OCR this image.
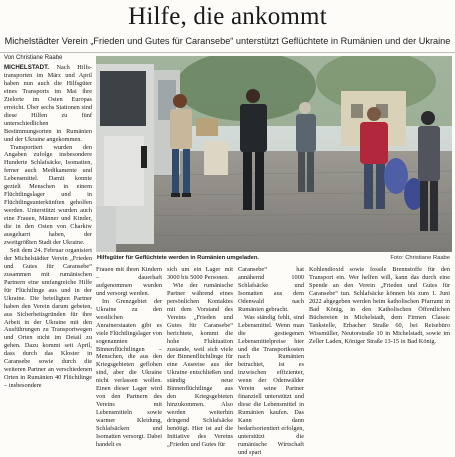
Hilfe, die ankommt
Michelstädter Verein „Frieden und Gutes für Caransebe“ unterstützt Geflüchtete in Rumänien und der Ukraine
Von Christiane Raabe

MICHELSTADT. Nach Hilfstransporten im März und April haben nun auch die Hilfsgüter eines Transports im Mai ihre Zielorte im Osten Europas erreicht. Über sechs Stationen sind diese Hilfen zu fünf unterschiedlichen Bestimmungsorten in Rumänien und der Ukraine angekommen.

Transportiert wurden den Angaben zufolge insbesondere Hunderte Schlafsäcke, Isomatten, ferner auch Medikamente und Lebensmittel. Damit konnte gezielt Menschen in einem Flüchtlingslager und in Flüchtlingsunterkünften geholfen werden. Unterstützt wurden auch eine Frauen, Männer und Kinder, die in den Osten von Charkiw ausgeharrt haben, der zweitgrößten Stadt der Ukraine.

Seit dem 24. Februar organisiert der Michelstädter Verein „Frieden und Gutes für Caransebe“ zusammen mit rumänischen Partnern eine umfangreiche Hilfe für Flüchtlinge aus und in der Ukraine. Die beteiligten Partner haben den Verein darum gebeten, aus Sicherheitsgründen für ihre Arbeit in der Ukraine mit den Ausführungen zu Transportwegen und Orten nicht im Detail zu gehen. Dazu kommt seit April, dass durch das Kloster in Caransebe sowie durch die weiteren Partner an verschiedenen Orten in Rumänien 40 Flüchtlinge – insbesondere

Hilfsgüter für Geflüchtete werden in Rumänien umgeladen.	Foto: Christiane Raabe

Frauen mit ihren Kindern – dauerhaft aufgenommen wurden und versorgt werden.

Im Grenzgebiet der Ukraine zu den westlichen Anrainerstaaten gibt es viele Flüchtlingslager von sogenannten Binnenflüchtlingen – Menschen, die aus den Kriegsgebieten geflohen sind, aber die Ukraine nicht verlassen wollen. Einen dieser Lager wird von den Partnern des Vereins mit Lebensmitteln sowie warmer Kleidung, Schlafsäcken und Isomatten versorgt. Dabei handelt es

sich um ein Lager mit 3000 bis 5000 Personen.

Wie der rumänische Partner während eines persönlichen Kontaktes mit dem Vorstand des Vereins „Frieden und Gutes für Caransebe“ berichtete, kommt die hohe Fluktuation zustande, weil sich viele der Binnenflüchtlinge für eine Ausreise aus der Ukraine entschließen und ständig neue Binnenflüchtlinge aus den Kriegsgebieten hinzukommen. Also werden weiterhin dringend Schlafsäcke benötigt. Hier ist auf die Initiative des Vereins „Frieden und Gutes für

Caransebe“ hat annähernd 1000 Schlafsäcke und Isomatten aus dem Odenwald nach Rumänien gebracht.

Was ständig fehlt, sind Lebensmittel. Wenn man die gestiegenen Lebensmittelpreise hier und die Transportkosten nach Rumänien betrachtet, ist es inzwischen effizienter, wenn der Odenwälder Verein seine Partner finanziell unterstützt und diese die Lebensmittel in Rumänien kaufen. Das Kann dann bedarfsorientiert erfolgen, unterstützt die rumänische Wirtschaft und spart

Kohlendioxid sowie fossile Brennstoffe für den Transport ein. Wer helfen will, kann das durch eine Spende an den Verein „Frieden und Gutes für Caransebe“ tun. Schlafsäcke können bis zum 1. Juni 2022 abgegeben werden beim katholischen Pfarramt in Bad König, in den Katholischen Öffentlichen Büchereien in Michelstadt, dem Firmen Classic Tankstelle, Erbacher Straße 60, bei Reisebüro Wissmüller, Neutorstraße 10 in Michelstadt, sowie im Zeller Laden, Königer Straße 13-15 in Bad König.
